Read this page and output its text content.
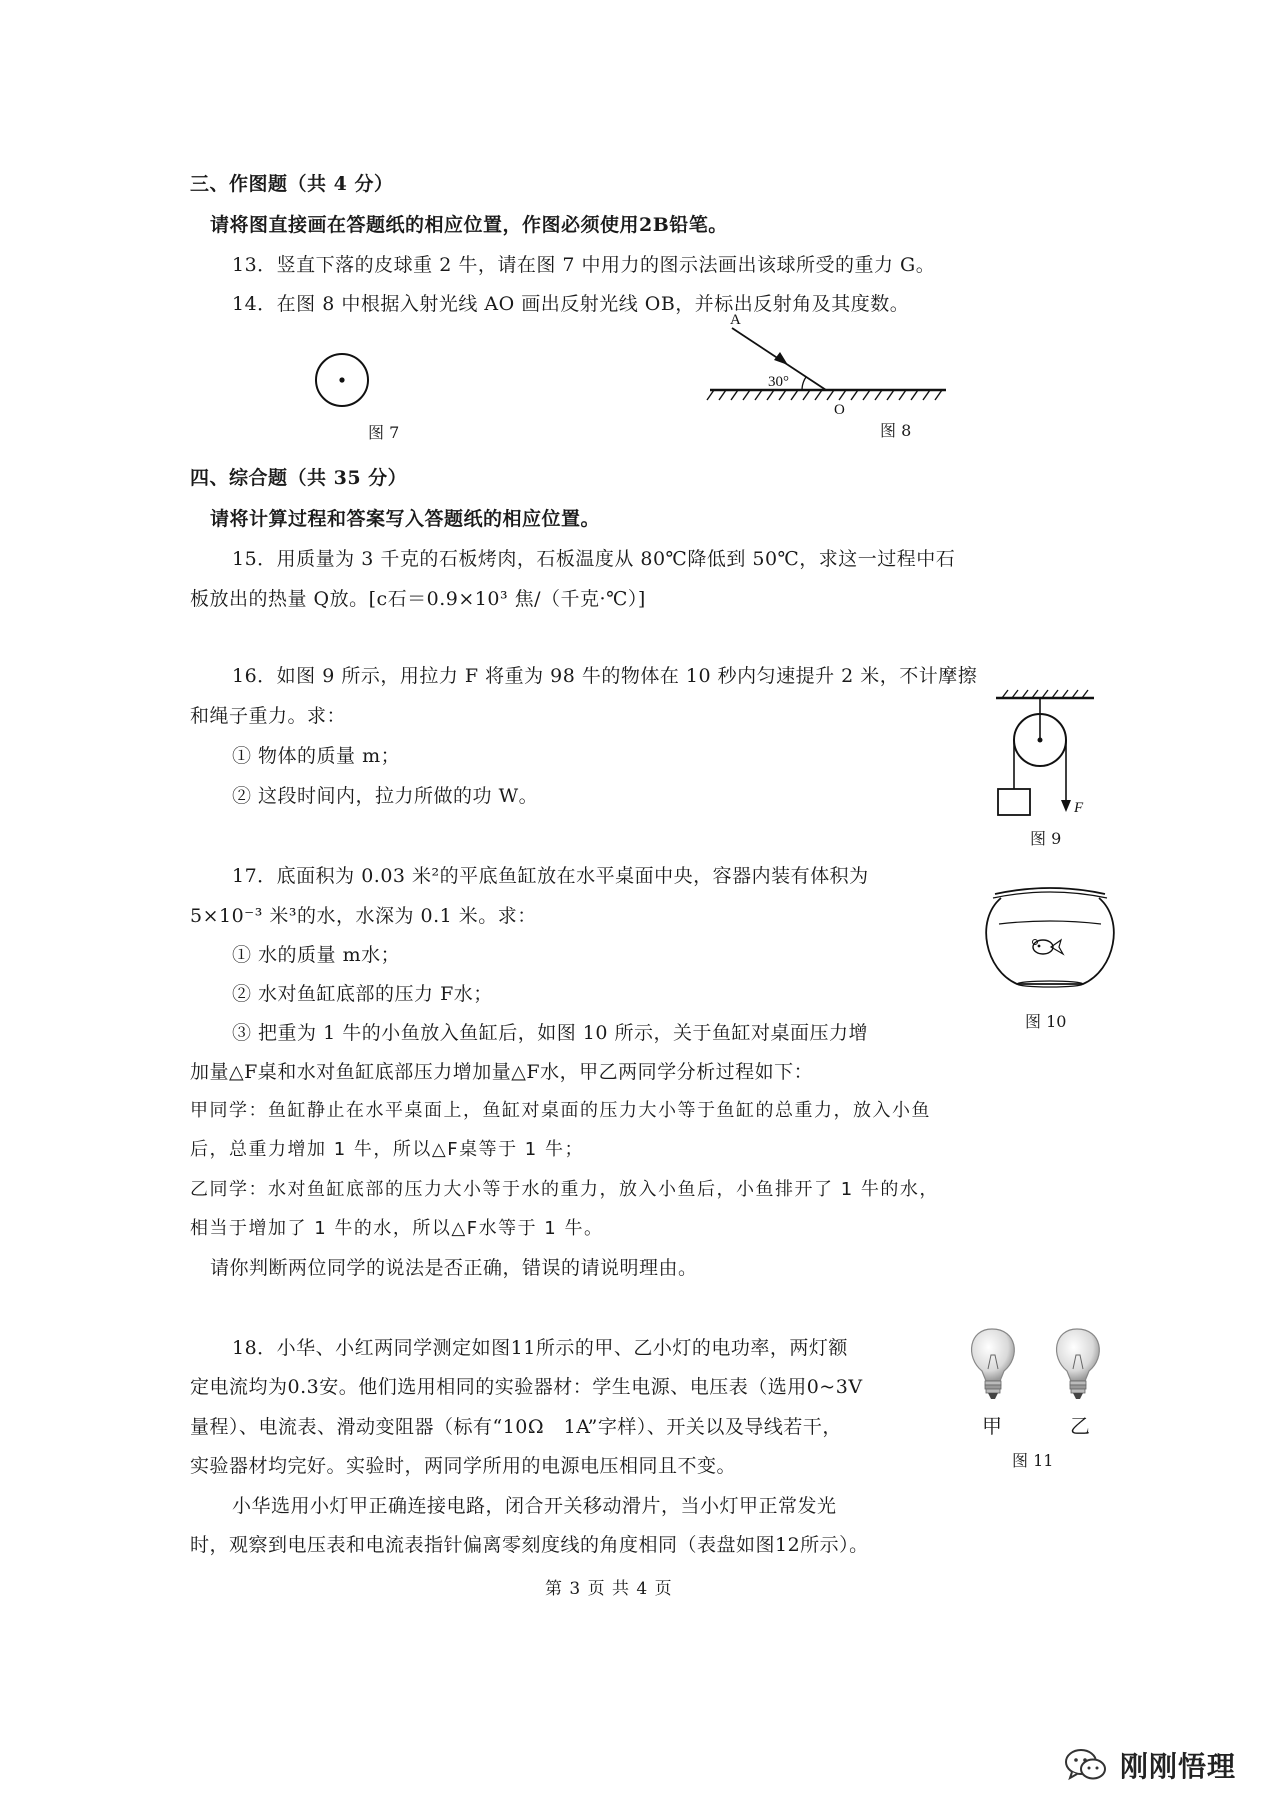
三、作图题（共 4 分）
请将图直接画在答题纸的相应位置，作图必须使用2B铅笔。
13．竖直下落的皮球重 2 牛，请在图 7 中用力的图示法画出该球所受的重力 G。
14．在图 8 中根据入射光线 AO 画出反射光线 OB，并标出反射角及其度数。
图 7
A
30°
O
图 8
四、综合题（共 35 分）
请将计算过程和答案写入答题纸的相应位置。
15．用质量为 3 千克的石板烤肉，石板温度从 80℃降低到 50℃，求这一过程中石
板放出的热量 Q放。[c石＝0.9×10³ 焦/（千克·℃）]
16．如图 9 所示，用拉力 F 将重为 98 牛的物体在 10 秒内匀速提升 2 米，不计摩擦
和绳子重力。求：
① 物体的质量 m；
② 这段时间内，拉力所做的功 W。
F
图 9
17．底面积为 0.03 米²的平底鱼缸放在水平桌面中央，容器内装有体积为
5×10⁻³ 米³的水，水深为 0.1 米。求：
① 水的质量 m水；
② 水对鱼缸底部的压力 F水；
③ 把重为 1 牛的小鱼放入鱼缸后，如图 10 所示，关于鱼缸对桌面压力增
加量△F桌和水对鱼缸底部压力增加量△F水，甲乙两同学分析过程如下：
图 10
甲同学：鱼缸静止在水平桌面上，鱼缸对桌面的压力大小等于鱼缸的总重力，放入小鱼
后，总重力增加 1 牛，所以△F桌等于 1 牛；
乙同学：水对鱼缸底部的压力大小等于水的重力，放入小鱼后，小鱼排开了 1 牛的水，
相当于增加了 1 牛的水，所以△F水等于 1 牛。
请你判断两位同学的说法是否正确，错误的请说明理由。
18．小华、小红两同学测定如图11所示的甲、乙小灯的电功率，两灯额
定电流均为0.3安。他们选用相同的实验器材：学生电源、电压表（选用0~3V
量程）、电流表、滑动变阻器（标有“10Ω　1A”字样）、开关以及导线若干，
实验器材均完好。实验时，两同学所用的电源电压相同且不变。
小华选用小灯甲正确连接电路，闭合开关移动滑片，当小灯甲正常发光
时，观察到电压表和电流表指针偏离零刻度线的角度相同（表盘如图12所示）。
甲	乙
图 11
第 3 页 共 4 页
刚刚悟理
